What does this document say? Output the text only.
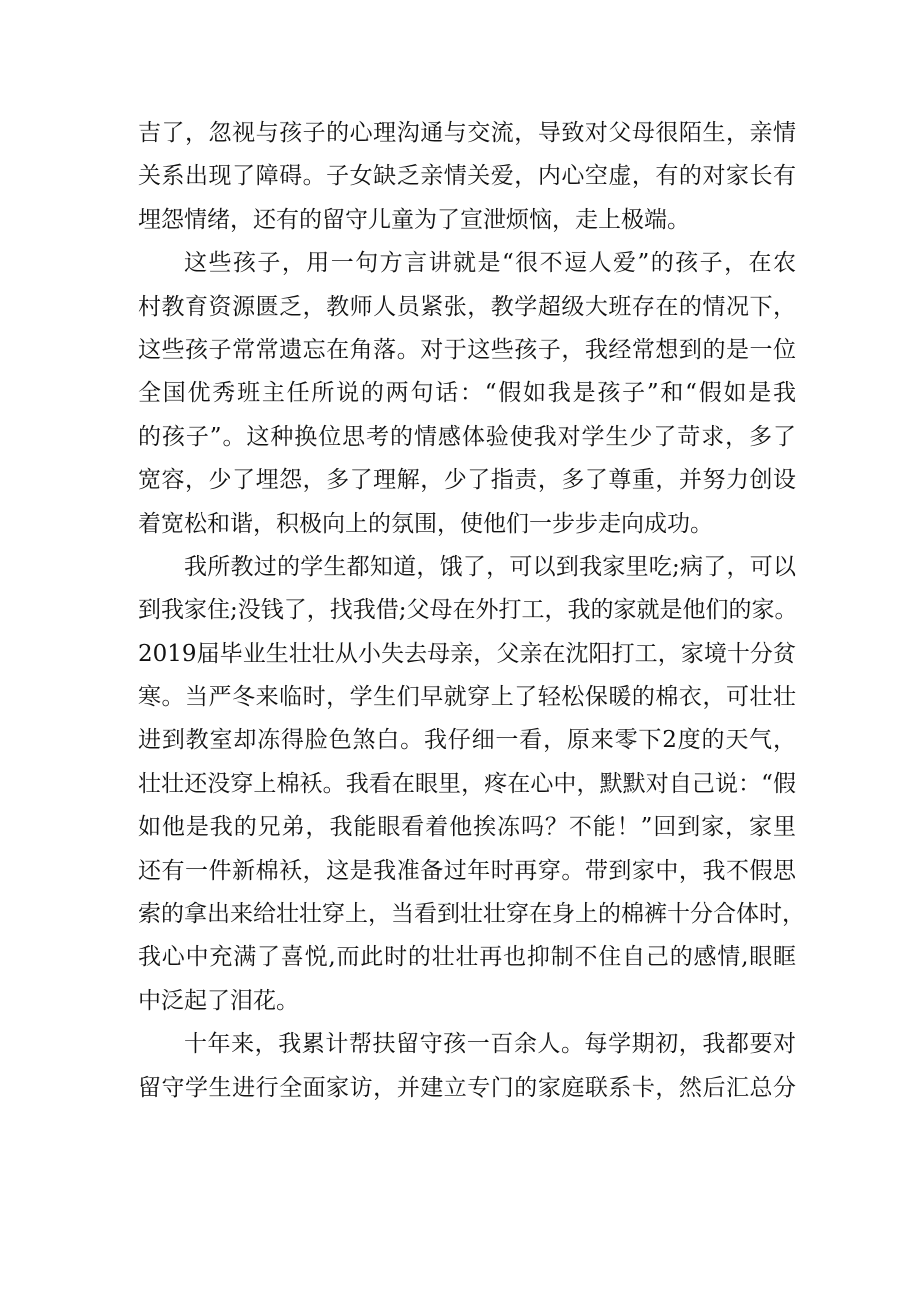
吉了，忽视与孩子的心理沟通与交流，导致对父母很陌生，亲情
关系出现了障碍。子女缺乏亲情关爱，内心空虚，有的对家长有
埋怨情绪，还有的留守儿童为了宣泄烦恼，走上极端。
这些孩子，用一句方言讲就是“很不逗人爱”的孩子，在农
村教育资源匮乏，教师人员紧张，教学超级大班存在的情况下，
这些孩子常常遗忘在角落。对于这些孩子，我经常想到的是一位
全国优秀班主任所说的两句话：“假如我是孩子”和“假如是我
的孩子”。这种换位思考的情感体验使我对学生少了苛求，多了
宽容，少了埋怨，多了理解，少了指责，多了尊重，并努力创设
着宽松和谐，积极向上的氛围，使他们一步步走向成功。
我所教过的学生都知道，饿了，可以到我家里吃;病了，可以
到我家住;没钱了，找我借;父母在外打工，我的家就是他们的家。
2019届毕业生壮壮从小失去母亲，父亲在沈阳打工，家境十分贫
寒。当严冬来临时，学生们早就穿上了轻松保暖的棉衣，可壮壮
进到教室却冻得脸色煞白。我仔细一看，原来零下2度的天气，
壮壮还没穿上棉袄。我看在眼里，疼在心中，默默对自己说：“假
如他是我的兄弟，我能眼看着他挨冻吗？不能！”回到家，家里
还有一件新棉袄，这是我准备过年时再穿。带到家中，我不假思
索的拿出来给壮壮穿上，当看到壮壮穿在身上的棉裤十分合体时，
我心中充满了喜悦,而此时的壮壮再也抑制不住自己的感情,眼眶
中泛起了泪花。
十年来，我累计帮扶留守孩一百余人。每学期初，我都要对
留守学生进行全面家访，并建立专门的家庭联系卡，然后汇总分
